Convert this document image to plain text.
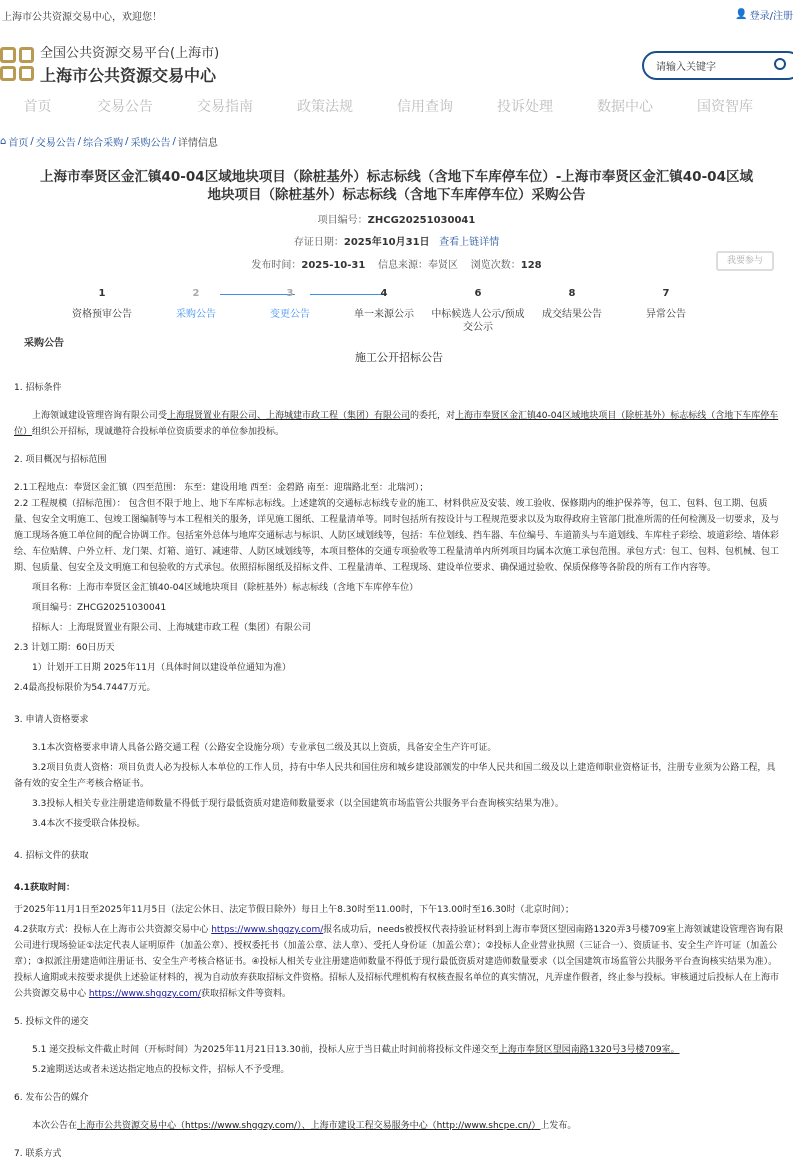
上海市公共资源交易中心，欢迎您！	👤 登录/注册
全国公共资源交易平台(上海市)
上海市公共资源交易中心	请输入关键字
首页	交易公告	交易指南	政策法规	信用查询	投诉处理	数据中心	国资智库
⌂ 首页 / 交易公告 / 综合采购 / 采购公告 / 详情信息
上海市奉贤区金汇镇40-04区域地块项目（除桩基外）标志标线（含地下车库停车位）-上海市奉贤区金汇镇40-04区域地块项目（除桩基外）标志标线（含地下车库停车位）采购公告
项目编号：ZHCG20251030041
存证日期：2025年10月31日 查看上链详情
发布时间：2025-10-31 信息来源：奉贤区 浏览次数：128	我要参与
1
资格预审公告
2
采购公告
3
变更公告
4
单一来源公示
6
中标候选人公示/预成交公示
8
成交结果公告
7
异常公告
采购公告
施工公开招标公告

1. 招标条件

上海领诚建设管理咨询有限公司受上海琨贤置业有限公司、上海城建市政工程（集团）有限公司的委托，对上海市奉贤区金汇镇40-04区域地块项目（除桩基外）标志标线（含地下车库停车位）组织公开招标，现诚邀符合投标单位资质要求的单位参加投标。

2. 项目概况与招标范围

2.1工程地点：奉贤区金汇镇（四至范围： 东至：建设用地 西至：金碧路 南至：迎瑞路北至：北瑞河）；

2.2 工程规模（招标范围）： 包含但不限于地上、地下车库标志标线。上述建筑的交通标志标线专业的施工、材料供应及安装、竣工验收、保修期内的维护保养等，包工、包料、包工期、包质量、包安全文明施工、包竣工图编制等与本工程相关的服务，详见施工图纸、工程量清单等。同时包括所有按设计与工程规范要求以及为取得政府主管部门批准所需的任何检测及一切要求，及与施工现场各施工单位间的配合协调工作。包括室外总体与地库交通标志与标识、人防区域划线等，包括：车位划线、挡车器、车位编号、车道箭头与车道划线、车库柱子彩绘、坡道彩绘、墙体彩绘、车位贴牌、户外立杆、龙门架、灯箱、道钉、减速带、人防区域划线等，本项目整体的交通专项验收等工程量清单内所列项目均属本次施工承包范围。承包方式：包工、包料、包机械、包工期、包质量、包安全及文明施工和包验收的方式承包。依照招标图纸及招标文件、工程量清单、工程现场、建设单位要求、确保通过验收、保质保修等各阶段的所有工作内容等。

项目名称：上海市奉贤区金汇镇40-04区域地块项目（除桩基外）标志标线（含地下车库停车位）

项目编号：ZHCG20251030041

招标人：上海琨贤置业有限公司、上海城建市政工程（集团）有限公司

2.3 计划工期：60日历天

1）计划开工日期 2025年11月（具体时间以建设单位通知为准）

2.4最高投标限价为54.7447万元。

3. 申请人资格要求

3.1本次资格要求申请人具备公路交通工程（公路安全设施分项）专业承包二级及其以上资质，具备安全生产许可证。

3.2项目负责人资格：项目负责人必为投标人本单位的工作人员，持有中华人民共和国住房和城乡建设部颁发的中华人民共和国二级及以上建造师职业资格证书，注册专业须为公路工程，具备有效的安全生产考核合格证书。

3.3投标人相关专业注册建造师数量不得低于现行最低资质对建造师数量要求（以全国建筑市场监管公共服务平台查询核实结果为准）。

3.4本次不接受联合体投标。

4. 招标文件的获取

4.1获取时间：

于2025年11月1日至2025年11月5日（法定公休日、法定节假日除外）每日上午8.30时至11.00时，下午13.00时至16.30时（北京时间）；

4.2获取方式：投标人在上海市公共资源交易中心 https://www.shggzy.com/报名成功后，needs被授权代表持验证材料到上海市奉贤区望园南路1320弄3号楼709室上海领诚建设管理咨询有限公司进行现场验证①法定代表人证明原件（加盖公章）、授权委托书（加盖公章、法人章）、受托人身份证（加盖公章）；②投标人企业营业执照（三证合一）、资质证书、安全生产许可证（加盖公章）；③拟派注册建造师注册证书、安全生产考核合格证书。④投标人相关专业注册建造师数量不得低于现行最低资质对建造师数量要求（以全国建筑市场监管公共服务平台查询核实结果为准）。投标人逾期或未按要求提供上述验证材料的，视为自动放弃获取招标文件资格。招标人及招标代理机构有权核查报名单位的真实情况，凡弄虚作假者，终止参与投标。审核通过后投标人在上海市公共资源交易中心 https://www.shggzy.com/获取招标文件等资料。

5. 投标文件的递交

5.1 递交投标文件截止时间（开标时间）为2025年11月21日13.30前，投标人应于当日截止时间前将投标文件递交至上海市奉贤区望园南路1320号3号楼709室。

5.2逾期送达或者未送达指定地点的投标文件，招标人不予受理。

6. 发布公告的媒介

本次公告在上海市公共资源交易中心（https://www.shggzy.com/）、上海市建设工程交易服务中心（http://www.shcpe.cn/）上发布。

7. 联系方式
